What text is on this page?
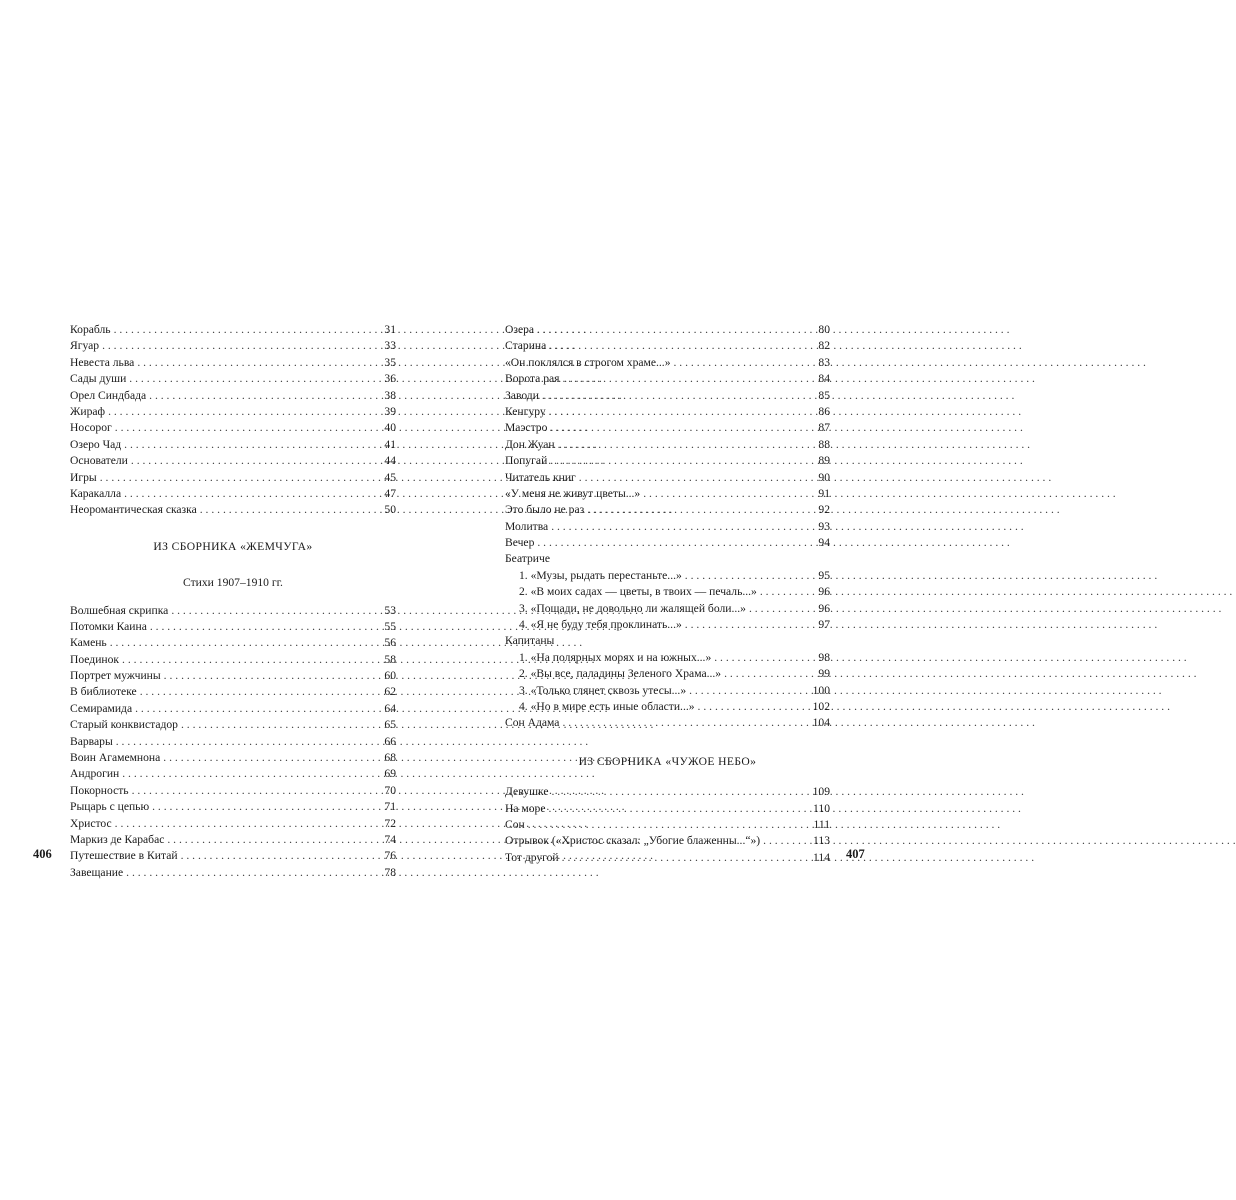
Корабль . . .	31
Ягуар . . .	33
Невеста льва . . .	35
Сады души . . .	36
Орел Синдбада . . .	38
Жираф . . .	39
Носорог . . .	40
Озеро Чад . . .	41
Основатели . . .	44
Игры . . .	45
Каракалла . . .	47
Неоромантическая сказка . . .	50
ИЗ СБОРНИКА «ЖЕМЧУГА»
Стихи 1907–1910 гг.
Волшебная скрипка . . .	53
Потомки Каина . . .	55
Камень . . .	56
Поединок . . .	58
Портрет мужчины . . .	60
В библиотеке . . .	62
Семирамида . . .	64
Старый конквистадор . . .	65
Варвары . . .	66
Воин Агамемнона . . .	68
Андрогин . . .	69
Покорность . . .	70
Рыцарь с цепью . . .	71
Христос . . .	72
Маркиз де Карабас . . .	74
Путешествие в Китай . . .	76
Завещание . . .	78
406
Озера . . .	80
Старина . . .	82
«Он поклялся в строгом храме...» . . .	83
Ворота рая . . .	84
Заводи . . .	85
Кенгуру . . .	86
Маэстро . . .	87
Дон Жуан . . .	88
Попугай . . .	89
Читатель книг . . .	90
«У меня не живут цветы...» . . .	91
Это было не раз . . .	92
Молитва . . .	93
Вечер . . .	94
Беатриче
1. «Музы, рыдать перестаньте...» . . .	95
2. «В моих садах — цветы, в твоих — печаль...» . . .	96
3. «Пощади, не довольно ли жалящей боли...» . . .	96
4. «Я не буду тебя проклинать...» . . .	97
Капитаны
1. «На полярных морях и на южных...» . . .	98
2. «Вы все, паладины Зеленого Храма...» . . .	99
3. «Только глянет сквозь утесы...» . . .	100
4. «Но в мире есть иные области...» . . .	102
Сон Адама . . .	104
ИЗ СБОРНИКА «ЧУЖОЕ НЕБО»
Девушке . . .	109
На море . . .	110
Сон . . .	111
Отрывок («Христос сказал: „Убогие блаженны...“») . . .	113
Тот другой . . .	114 407
